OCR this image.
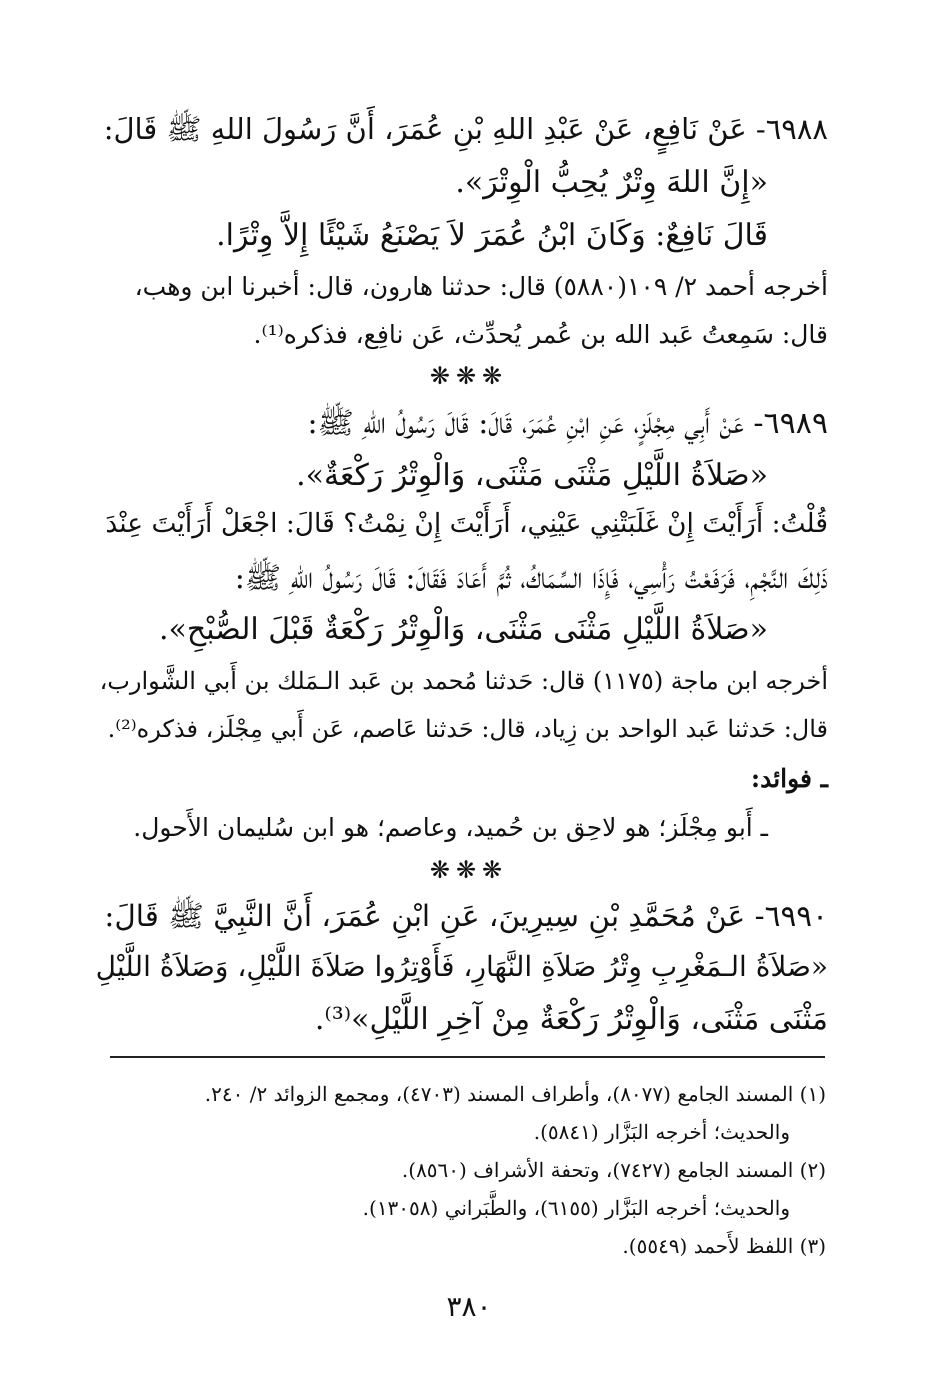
٦٩٨٨- عَنْ نَافِعٍ، عَنْ عَبْدِ اللهِ بْنِ عُمَرَ، أَنَّ رَسُولَ اللهِ ﷺ قَالَ:
«إِنَّ اللهَ وِتْرٌ يُحِبُّ الْوِتْرَ».
قَالَ نَافِعٌ: وَكَانَ ابْنُ عُمَرَ لاَ يَصْنَعُ شَيْئًا إِلاَّ وِتْرًا.
أخرجه أحمد ٢/ ١٠٩(٥٨٨٠) قال: حدثنا هارون، قال: أخبرنا ابن وهب،
قال: سَمِعتُ عَبد الله بن عُمر يُحدِّث، عَن نافِع، فذكره⁽¹⁾.
❋❋❋
٦٩٨٩- عَنْ أَبِي مِجْلَزٍ، عَنِ ابْنِ عُمَرَ، قَالَ: قَالَ رَسُولُ اللهِ ﷺ:
«صَلاَةُ اللَّيْلِ مَثْنَى مَثْنَى، وَالْوِتْرُ رَكْعَةٌ».
قُلْتُ: أَرَأَيْتَ إِنْ غَلَبَتْنِي عَيْنِي، أَرَأَيْتَ إِنْ نِمْتُ؟ قَالَ: اجْعَلْ أَرَأَيْتَ عِنْدَ
ذَلِكَ النَّجْمِ، فَرَفَعْتُ رَأْسِي، فَإِذَا السِّمَاكُ، ثُمَّ أَعَادَ فَقَالَ: قَالَ رَسُولُ اللهِ ﷺ:
«صَلاَةُ اللَّيْلِ مَثْنَى مَثْنَى، وَالْوِتْرُ رَكْعَةٌ قَبْلَ الصُّبْحِ».
أخرجه ابن ماجة (١١٧٥) قال: حَدثنا مُحمد بن عَبد الـمَلك بن أَبي الشَّوارب،
قال: حَدثنا عَبد الواحد بن زِياد، قال: حَدثنا عَاصم، عَن أَبي مِجْلَز، فذكره⁽²⁾.
ـ فوائد:
ـ أَبو مِجْلَز؛ هو لاحِق بن حُميد، وعاصم؛ هو ابن سُليمان الأَحول.
❋❋❋
٦٩٩٠- عَنْ مُحَمَّدِ بْنِ سِيرِينَ، عَنِ ابْنِ عُمَرَ، أَنَّ النَّبِيَّ ﷺ قَالَ:
«صَلاَةُ الـمَغْرِبِ وِتْرُ صَلاَةِ النَّهَارِ، فَأَوْتِرُوا صَلاَةَ اللَّيْلِ، وَصَلاَةُ اللَّيْلِ
مَثْنَى مَثْنَى، وَالْوِتْرُ رَكْعَةٌ مِنْ آخِرِ اللَّيْلِ»⁽³⁾.
(١) المسند الجامع (٨٠٧٧)، وأطراف المسند (٤٧٠٣)، ومجمع الزوائد ٢/ ٢٤٠.
والحديث؛ أخرجه البَزَّار (٥٨٤١).
(٢) المسند الجامع (٧٤٢٧)، وتحفة الأشراف (٨٥٦٠).
والحديث؛ أخرجه البَزَّار (٦١٥٥)، والطَّبَراني (١٣٠٥٨).
(٣) اللفظ لأَحمد (٥٥٤٩).
٣٨٠
